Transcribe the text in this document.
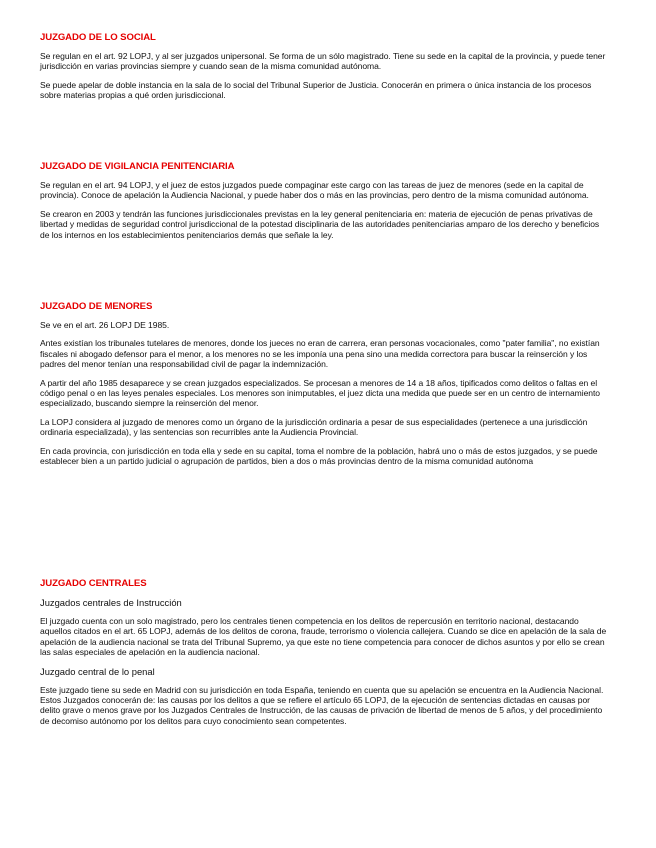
JUZGADO DE LO SOCIAL

Se regulan en el art. 92 LOPJ, y al ser juzgados unipersonal. Se forma de un sólo magistrado. Tiene su sede en la capital de la provincia, y puede tener jurisdicción en varias provincias siempre y cuando sean de la misma comunidad autónoma.

Se puede apelar de doble instancia en la sala de lo social del Tribunal Superior de Justicia. Conocerán en primera o única instancia de los procesos sobre materias propias a qué orden jurisdiccional.

JUZGADO DE VIGILANCIA PENITENCIARIA

Se regulan en el art. 94 LOPJ, y el juez de estos juzgados puede compaginar este cargo con las tareas de juez de menores (sede en la capital de provincia). Conoce de apelación la Audiencia Nacional, y puede haber dos o más en las provincias, pero dentro de la misma comunidad autónoma.

Se crearon en 2003 y tendrán las funciones jurisdiccionales previstas en la ley general penitenciaria en: materia de ejecución de penas privativas de libertad y medidas de seguridad control jurisdiccional de la potestad disciplinaria de las autoridades penitenciarias amparo de los derecho y beneficios de los internos en los establecimientos penitenciarios demás que señale la ley.

JUZGADO DE MENORES

Se ve en el art. 26 LOPJ DE 1985.

Antes existían los tribunales tutelares de menores, donde los jueces no eran de carrera, eran personas vocacionales, como "pater familia", no existían fiscales ni abogado defensor para el menor, a los menores no se les imponía una pena sino una medida correctora para buscar la reinserción y los padres del menor tenían una responsabilidad civil de pagar la indemnización.

A partir del año 1985 desaparece y se crean juzgados especializados. Se procesan a menores de 14 a 18 años, tipificados como delitos o faltas en el código penal o en las leyes penales especiales. Los menores son inimputables, el juez dicta una medida que puede ser en un centro de internamiento especializado, buscando siempre la reinserción del menor.

La LOPJ considera al juzgado de menores como un órgano de la jurisdicción ordinaria a pesar de sus especialidades (pertenece a una jurisdicción ordinaria especializada), y las sentencias son recurribles ante la Audiencia Provincial.

En cada provincia, con jurisdicción en toda ella y sede en su capital, toma el nombre de la población, habrá uno o más de estos juzgados, y se puede establecer bien a un partido judicial o agrupación de partidos, bien a dos o más provincias dentro de la misma comunidad autónoma

JUZGADO CENTRALES
Juzgados centrales de Instrucción

El juzgado cuenta con un solo magistrado, pero los centrales tienen competencia en los delitos de repercusión en territorio nacional, destacando aquellos citados en el art. 65 LOPJ, además de los delitos de corona, fraude, terrorismo o violencia callejera. Cuando se dice en apelación de la sala de apelación de la audiencia nacional se trata del Tribunal Supremo, ya que este no tiene competencia para conocer de dichos asuntos y por ello se crean las salas especiales de apelación en la audiencia nacional.

Juzgado central de lo penal

Este juzgado tiene su sede en Madrid con su jurisdicción en toda España, teniendo en cuenta que su apelación se encuentra en la Audiencia Nacional. Estos Juzgados conocerán de: las causas por los delitos a que se refiere el artículo 65 LOPJ, de la ejecución de sentencias dictadas en causas por delito grave o menos grave por los Juzgados Centrales de Instrucción, de las causas de privación de libertad de menos de 5 años, y del procedimiento de decomiso autónomo por los delitos para cuyo conocimiento sean competentes.
